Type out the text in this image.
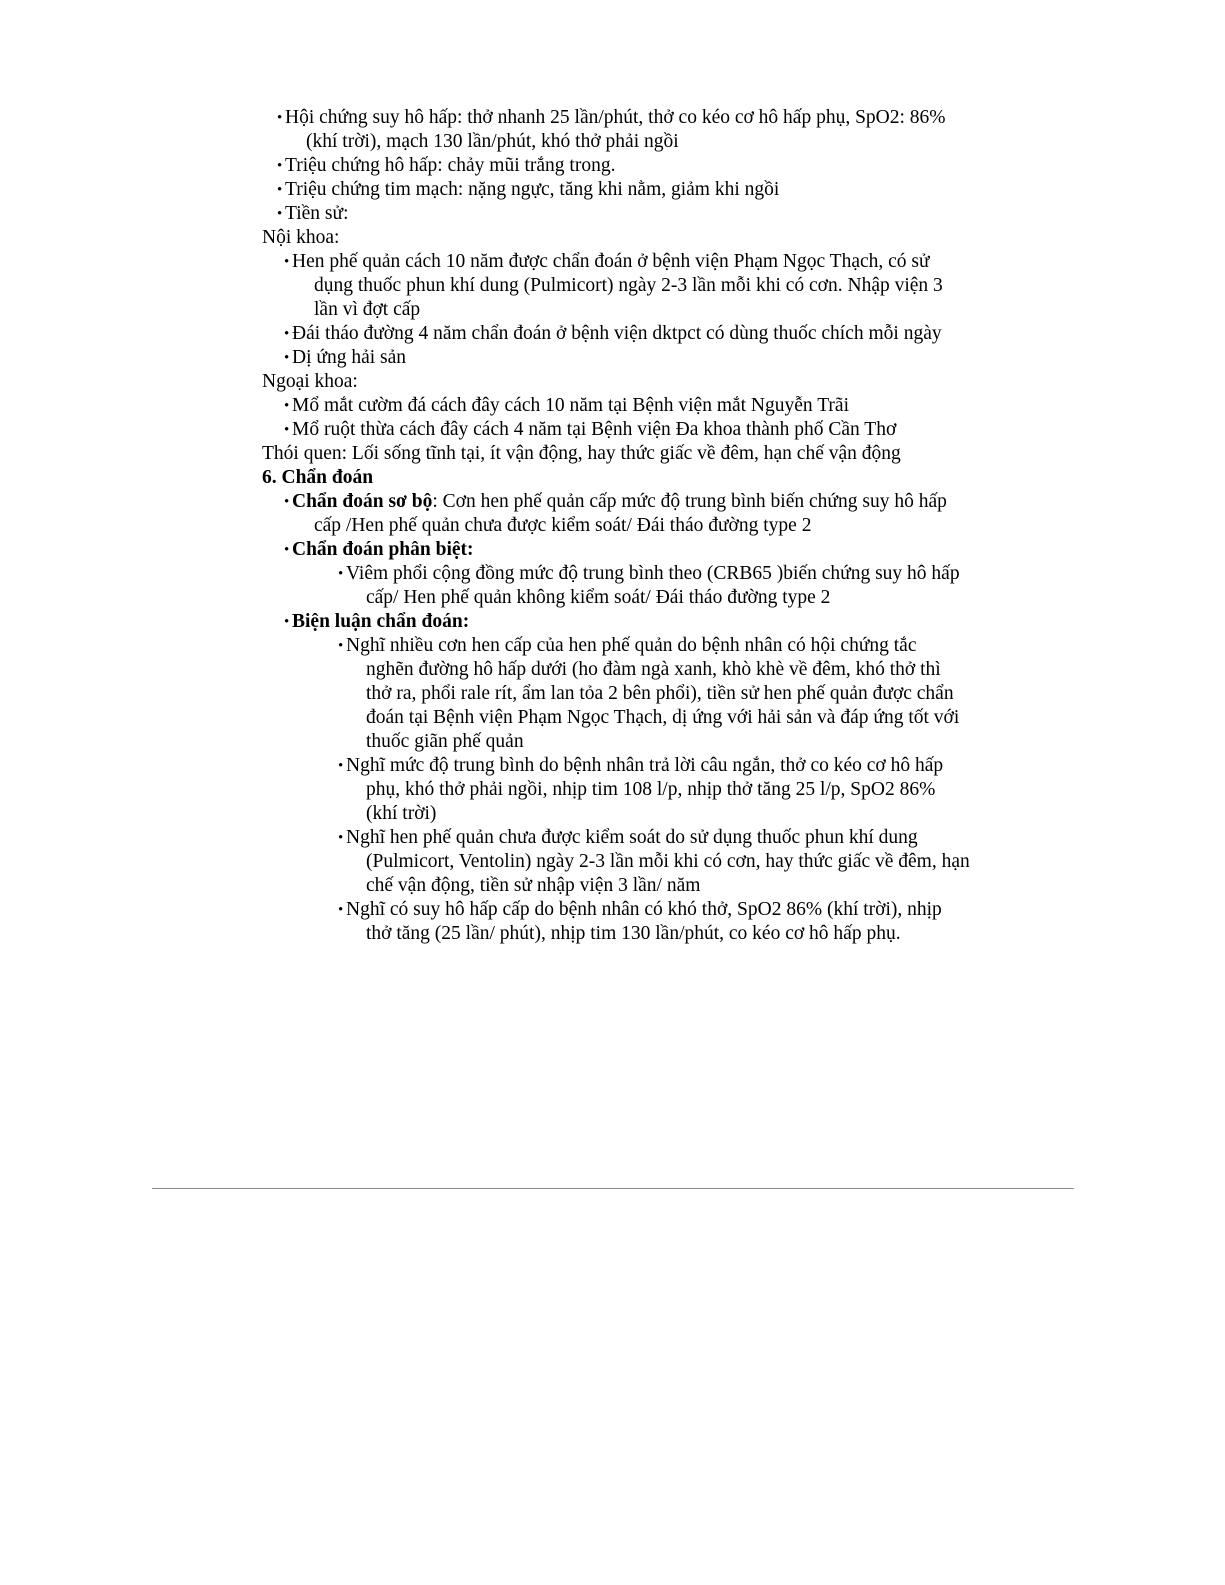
• Hội chứng suy hô hấp: thở nhanh 25 lần/phút, thở co kéo cơ hô hấp phụ, SpO2: 86% (khí trời), mạch 130 lần/phút, khó thở phải ngồi
• Triệu chứng hô hấp: chảy mũi trắng trong.
• Triệu chứng tim mạch: nặng ngực, tăng khi nằm, giảm khi ngồi
• Tiền sử:
Nội khoa:
• Hen phế quản cách 10 năm được chẩn đoán ở bệnh viện Phạm Ngọc Thạch, có sử dụng thuốc phun khí dung (Pulmicort) ngày 2-3 lần mỗi khi có cơn. Nhập viện 3 lần vì đợt cấp
• Đái tháo đường 4 năm chẩn đoán ở bệnh viện dktpct có dùng thuốc chích mỗi ngày
• Dị ứng hải sản
Ngoại khoa:
• Mổ mắt cườm đá cách đây cách 10 năm tại Bệnh viện mắt Nguyễn Trãi
• Mổ ruột thừa cách đây cách 4 năm tại Bệnh viện Đa khoa thành phố Cần Thơ
Thói quen: Lối sống tĩnh tại, ít vận động, hay thức giấc về đêm, hạn chế vận động
6. Chẩn đoán
• Chẩn đoán sơ bộ: Cơn hen phế quản cấp mức độ trung bình biến chứng suy hô hấp cấp /Hen phế quản chưa được kiểm soát/ Đái tháo đường type 2
• Chẩn đoán phân biệt:
• Viêm phổi cộng đồng mức độ trung bình theo (CRB65 )biến chứng suy hô hấp cấp/ Hen phế quản không kiểm soát/ Đái tháo đường type 2
• Biện luận chẩn đoán:
• Nghĩ nhiều cơn hen cấp của hen phế quản do bệnh nhân có hội chứng tắc nghẽn đường hô hấp dưới (ho đàm ngà xanh, khò khè về đêm, khó thở thì thở ra, phổi rale rít, ẩm lan tỏa 2 bên phổi), tiền sử hen phế quản được chẩn đoán tại Bệnh viện Phạm Ngọc Thạch, dị ứng với hải sản và đáp ứng tốt với thuốc giãn phế quản
• Nghĩ mức độ trung bình do bệnh nhân trả lời câu ngắn, thở co kéo cơ hô hấp phụ, khó thở phải ngồi, nhịp tim 108 l/p, nhịp thở tăng 25 l/p, SpO2 86% (khí trời)
• Nghĩ hen phế quản chưa được kiểm soát do sử dụng thuốc phun khí dung (Pulmicort, Ventolin) ngày 2-3 lần mỗi khi có cơn, hay thức giấc về đêm, hạn chế vận động, tiền sử nhập viện 3 lần/ năm
• Nghĩ có suy hô hấp cấp do bệnh nhân có khó thở, SpO2 86% (khí trời), nhịp thở tăng (25 lần/ phút), nhịp tim 130 lần/phút, co kéo cơ hô hấp phụ.
